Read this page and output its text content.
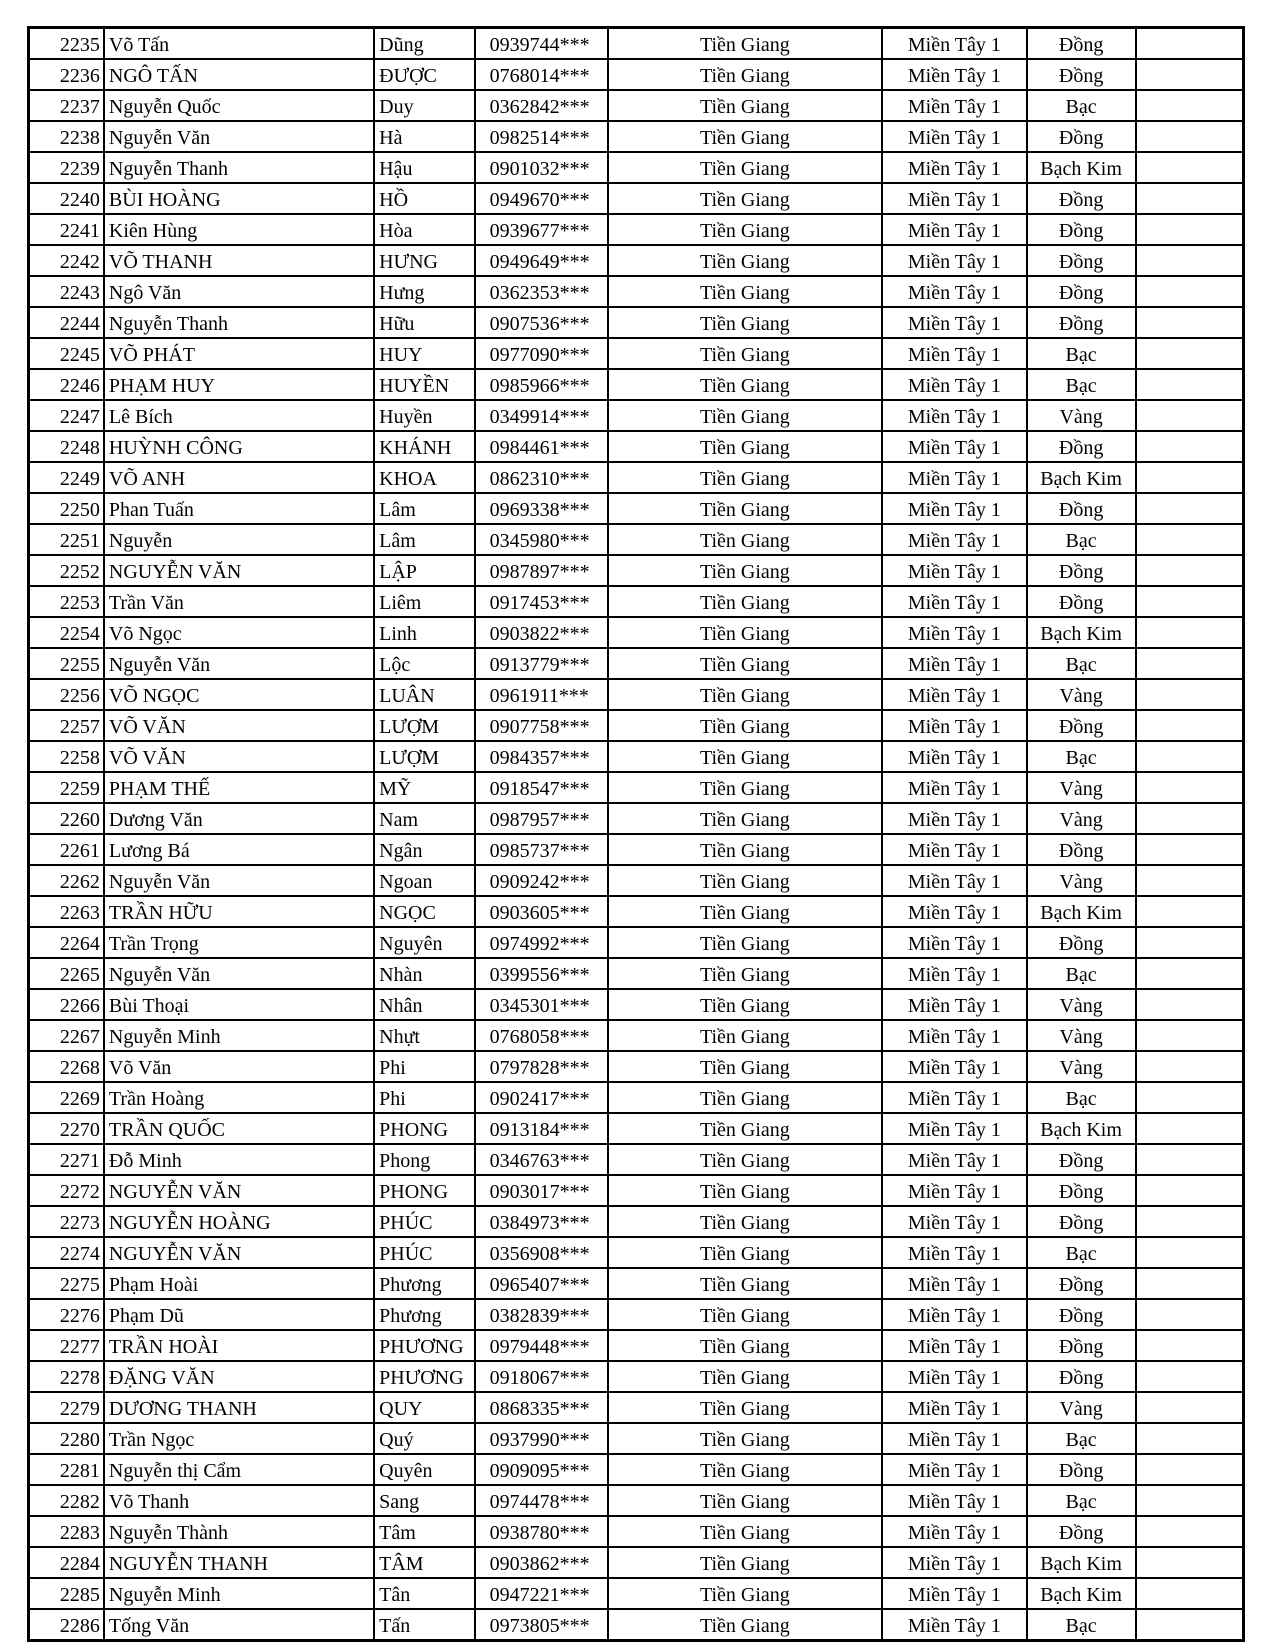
2235	Võ Tấn	Dũng	0939744***	Tiền Giang	Miền Tây 1	Đồng	
2236	NGÔ TẤN	ĐƯỢC	0768014***	Tiền Giang	Miền Tây 1	Đồng	
2237	Nguyễn Quốc	Duy	0362842***	Tiền Giang	Miền Tây 1	Bạc	
2238	Nguyễn Văn	Hà	0982514***	Tiền Giang	Miền Tây 1	Đồng	
2239	Nguyễn Thanh	Hậu	0901032***	Tiền Giang	Miền Tây 1	Bạch Kim	
2240	BÙI HOÀNG	HỒ	0949670***	Tiền Giang	Miền Tây 1	Đồng	
2241	Kiên Hùng	Hòa	0939677***	Tiền Giang	Miền Tây 1	Đồng	
2242	VÕ THANH	HƯNG	0949649***	Tiền Giang	Miền Tây 1	Đồng	
2243	Ngô Văn	Hưng	0362353***	Tiền Giang	Miền Tây 1	Đồng	
2244	Nguyễn Thanh	Hữu	0907536***	Tiền Giang	Miền Tây 1	Đồng	
2245	VÕ PHÁT	HUY	0977090***	Tiền Giang	Miền Tây 1	Bạc	
2246	PHẠM HUY	HUYỀN	0985966***	Tiền Giang	Miền Tây 1	Bạc	
2247	Lê Bích	Huyền	0349914***	Tiền Giang	Miền Tây 1	Vàng	
2248	HUỲNH CÔNG	KHÁNH	0984461***	Tiền Giang	Miền Tây 1	Đồng	
2249	VÕ ANH	KHOA	0862310***	Tiền Giang	Miền Tây 1	Bạch Kim	
2250	Phan Tuấn	Lâm	0969338***	Tiền Giang	Miền Tây 1	Đồng	
2251	Nguyễn	Lâm	0345980***	Tiền Giang	Miền Tây 1	Bạc	
2252	NGUYỄN VĂN	LẬP	0987897***	Tiền Giang	Miền Tây 1	Đồng	
2253	Trần Văn	Liêm	0917453***	Tiền Giang	Miền Tây 1	Đồng	
2254	Võ Ngọc	Linh	0903822***	Tiền Giang	Miền Tây 1	Bạch Kim	
2255	Nguyễn Văn	Lộc	0913779***	Tiền Giang	Miền Tây 1	Bạc	
2256	VÕ NGỌC	LUÂN	0961911***	Tiền Giang	Miền Tây 1	Vàng	
2257	VÕ VĂN	LƯỢM	0907758***	Tiền Giang	Miền Tây 1	Đồng	
2258	VÕ VĂN	LƯỢM	0984357***	Tiền Giang	Miền Tây 1	Bạc	
2259	PHẠM THẾ	MỸ	0918547***	Tiền Giang	Miền Tây 1	Vàng	
2260	Dương Văn	Nam	0987957***	Tiền Giang	Miền Tây 1	Vàng	
2261	Lương Bá	Ngân	0985737***	Tiền Giang	Miền Tây 1	Đồng	
2262	Nguyễn Văn	Ngoan	0909242***	Tiền Giang	Miền Tây 1	Vàng	
2263	TRẦN HỮU	NGỌC	0903605***	Tiền Giang	Miền Tây 1	Bạch Kim	
2264	Trần Trọng	Nguyên	0974992***	Tiền Giang	Miền Tây 1	Đồng	
2265	Nguyễn Văn	Nhàn	0399556***	Tiền Giang	Miền Tây 1	Bạc	
2266	Bùi Thoại	Nhân	0345301***	Tiền Giang	Miền Tây 1	Vàng	
2267	Nguyễn Minh	Nhựt	0768058***	Tiền Giang	Miền Tây 1	Vàng	
2268	Võ Văn	Phi	0797828***	Tiền Giang	Miền Tây 1	Vàng	
2269	Trần Hoàng	Phi	0902417***	Tiền Giang	Miền Tây 1	Bạc	
2270	TRẦN QUỐC	PHONG	0913184***	Tiền Giang	Miền Tây 1	Bạch Kim	
2271	Đỗ Minh	Phong	0346763***	Tiền Giang	Miền Tây 1	Đồng	
2272	NGUYỄN VĂN	PHONG	0903017***	Tiền Giang	Miền Tây 1	Đồng	
2273	NGUYỄN HOÀNG	PHÚC	0384973***	Tiền Giang	Miền Tây 1	Đồng	
2274	NGUYỄN VĂN	PHÚC	0356908***	Tiền Giang	Miền Tây 1	Bạc	
2275	Phạm Hoài	Phương	0965407***	Tiền Giang	Miền Tây 1	Đồng	
2276	Phạm Dũ	Phương	0382839***	Tiền Giang	Miền Tây 1	Đồng	
2277	TRẦN HOÀI	PHƯƠNG	0979448***	Tiền Giang	Miền Tây 1	Đồng	
2278	ĐẶNG VĂN	PHƯƠNG	0918067***	Tiền Giang	Miền Tây 1	Đồng	
2279	DƯƠNG THANH	QUY	0868335***	Tiền Giang	Miền Tây 1	Vàng	
2280	Trần Ngọc	Quý	0937990***	Tiền Giang	Miền Tây 1	Bạc	
2281	Nguyễn thị Cẩm	Quyên	0909095***	Tiền Giang	Miền Tây 1	Đồng	
2282	Võ Thanh	Sang	0974478***	Tiền Giang	Miền Tây 1	Bạc	
2283	Nguyễn Thành	Tâm	0938780***	Tiền Giang	Miền Tây 1	Đồng	
2284	NGUYỄN THANH	TÂM	0903862***	Tiền Giang	Miền Tây 1	Bạch Kim	
2285	Nguyễn Minh	Tân	0947221***	Tiền Giang	Miền Tây 1	Bạch Kim	
2286	Tống Văn	Tấn	0973805***	Tiền Giang	Miền Tây 1	Bạc	
